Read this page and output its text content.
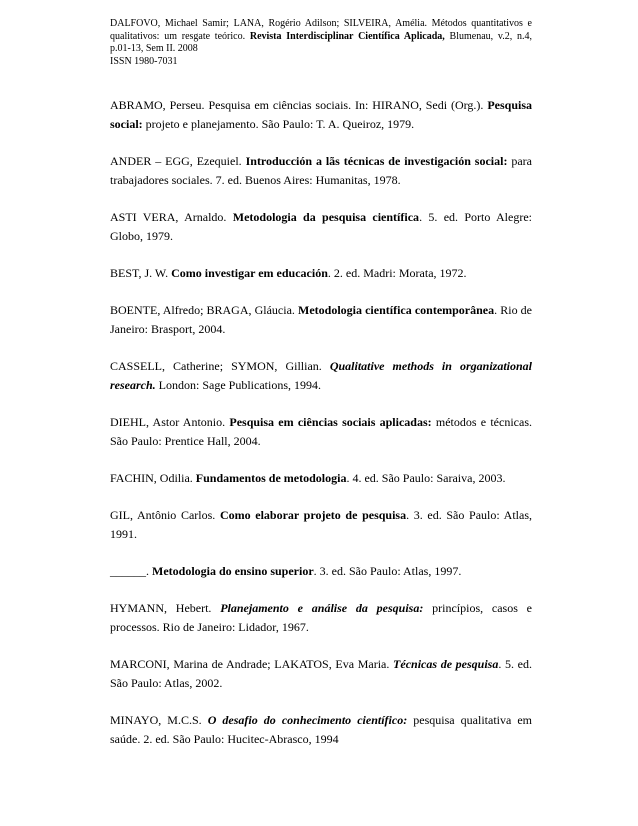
DALFOVO, Michael Samir; LANA, Rogério Adilson; SILVEIRA, Amélia. Métodos quantitativos e qualitativos: um resgate teórico. Revista Interdisciplinar Científica Aplicada, Blumenau, v.2, n.4, p.01-13, Sem II. 2008
ISSN 1980-7031

ABRAMO, Perseu. Pesquisa em ciências sociais. In: HIRANO, Sedi (Org.). Pesquisa social: projeto e planejamento. São Paulo: T. A. Queiroz, 1979.

ANDER – EGG, Ezequiel. Introducción a lãs técnicas de investigación social: para trabajadores sociales. 7. ed. Buenos Aires: Humanitas, 1978.

ASTI VERA, Arnaldo. Metodologia da pesquisa científica. 5. ed. Porto Alegre: Globo, 1979.

BEST, J. W. Como investigar em educación. 2. ed. Madri: Morata, 1972.

BOENTE, Alfredo; BRAGA, Gláucia. Metodologia científica contemporânea. Rio de Janeiro: Brasport, 2004.

CASSELL, Catherine; SYMON, Gillian. Qualitative methods in organizational research. London: Sage Publications, 1994.

DIEHL, Astor Antonio. Pesquisa em ciências sociais aplicadas: métodos e técnicas. São Paulo: Prentice Hall, 2004.

FACHIN, Odilia. Fundamentos de metodologia. 4. ed. São Paulo: Saraiva, 2003.

GIL, Antônio Carlos. Como elaborar projeto de pesquisa. 3. ed. São Paulo: Atlas, 1991.

______. Metodologia do ensino superior. 3. ed. São Paulo: Atlas, 1997.

HYMANN, Hebert. Planejamento e análise da pesquisa: princípios, casos e processos. Rio de Janeiro: Lidador, 1967.

MARCONI, Marina de Andrade; LAKATOS, Eva Maria. Técnicas de pesquisa. 5. ed. São Paulo: Atlas, 2002.

MINAYO, M.C.S. O desafio do conhecimento científico: pesquisa qualitativa em saúde. 2. ed. São Paulo: Hucitec-Abrasco, 1994
